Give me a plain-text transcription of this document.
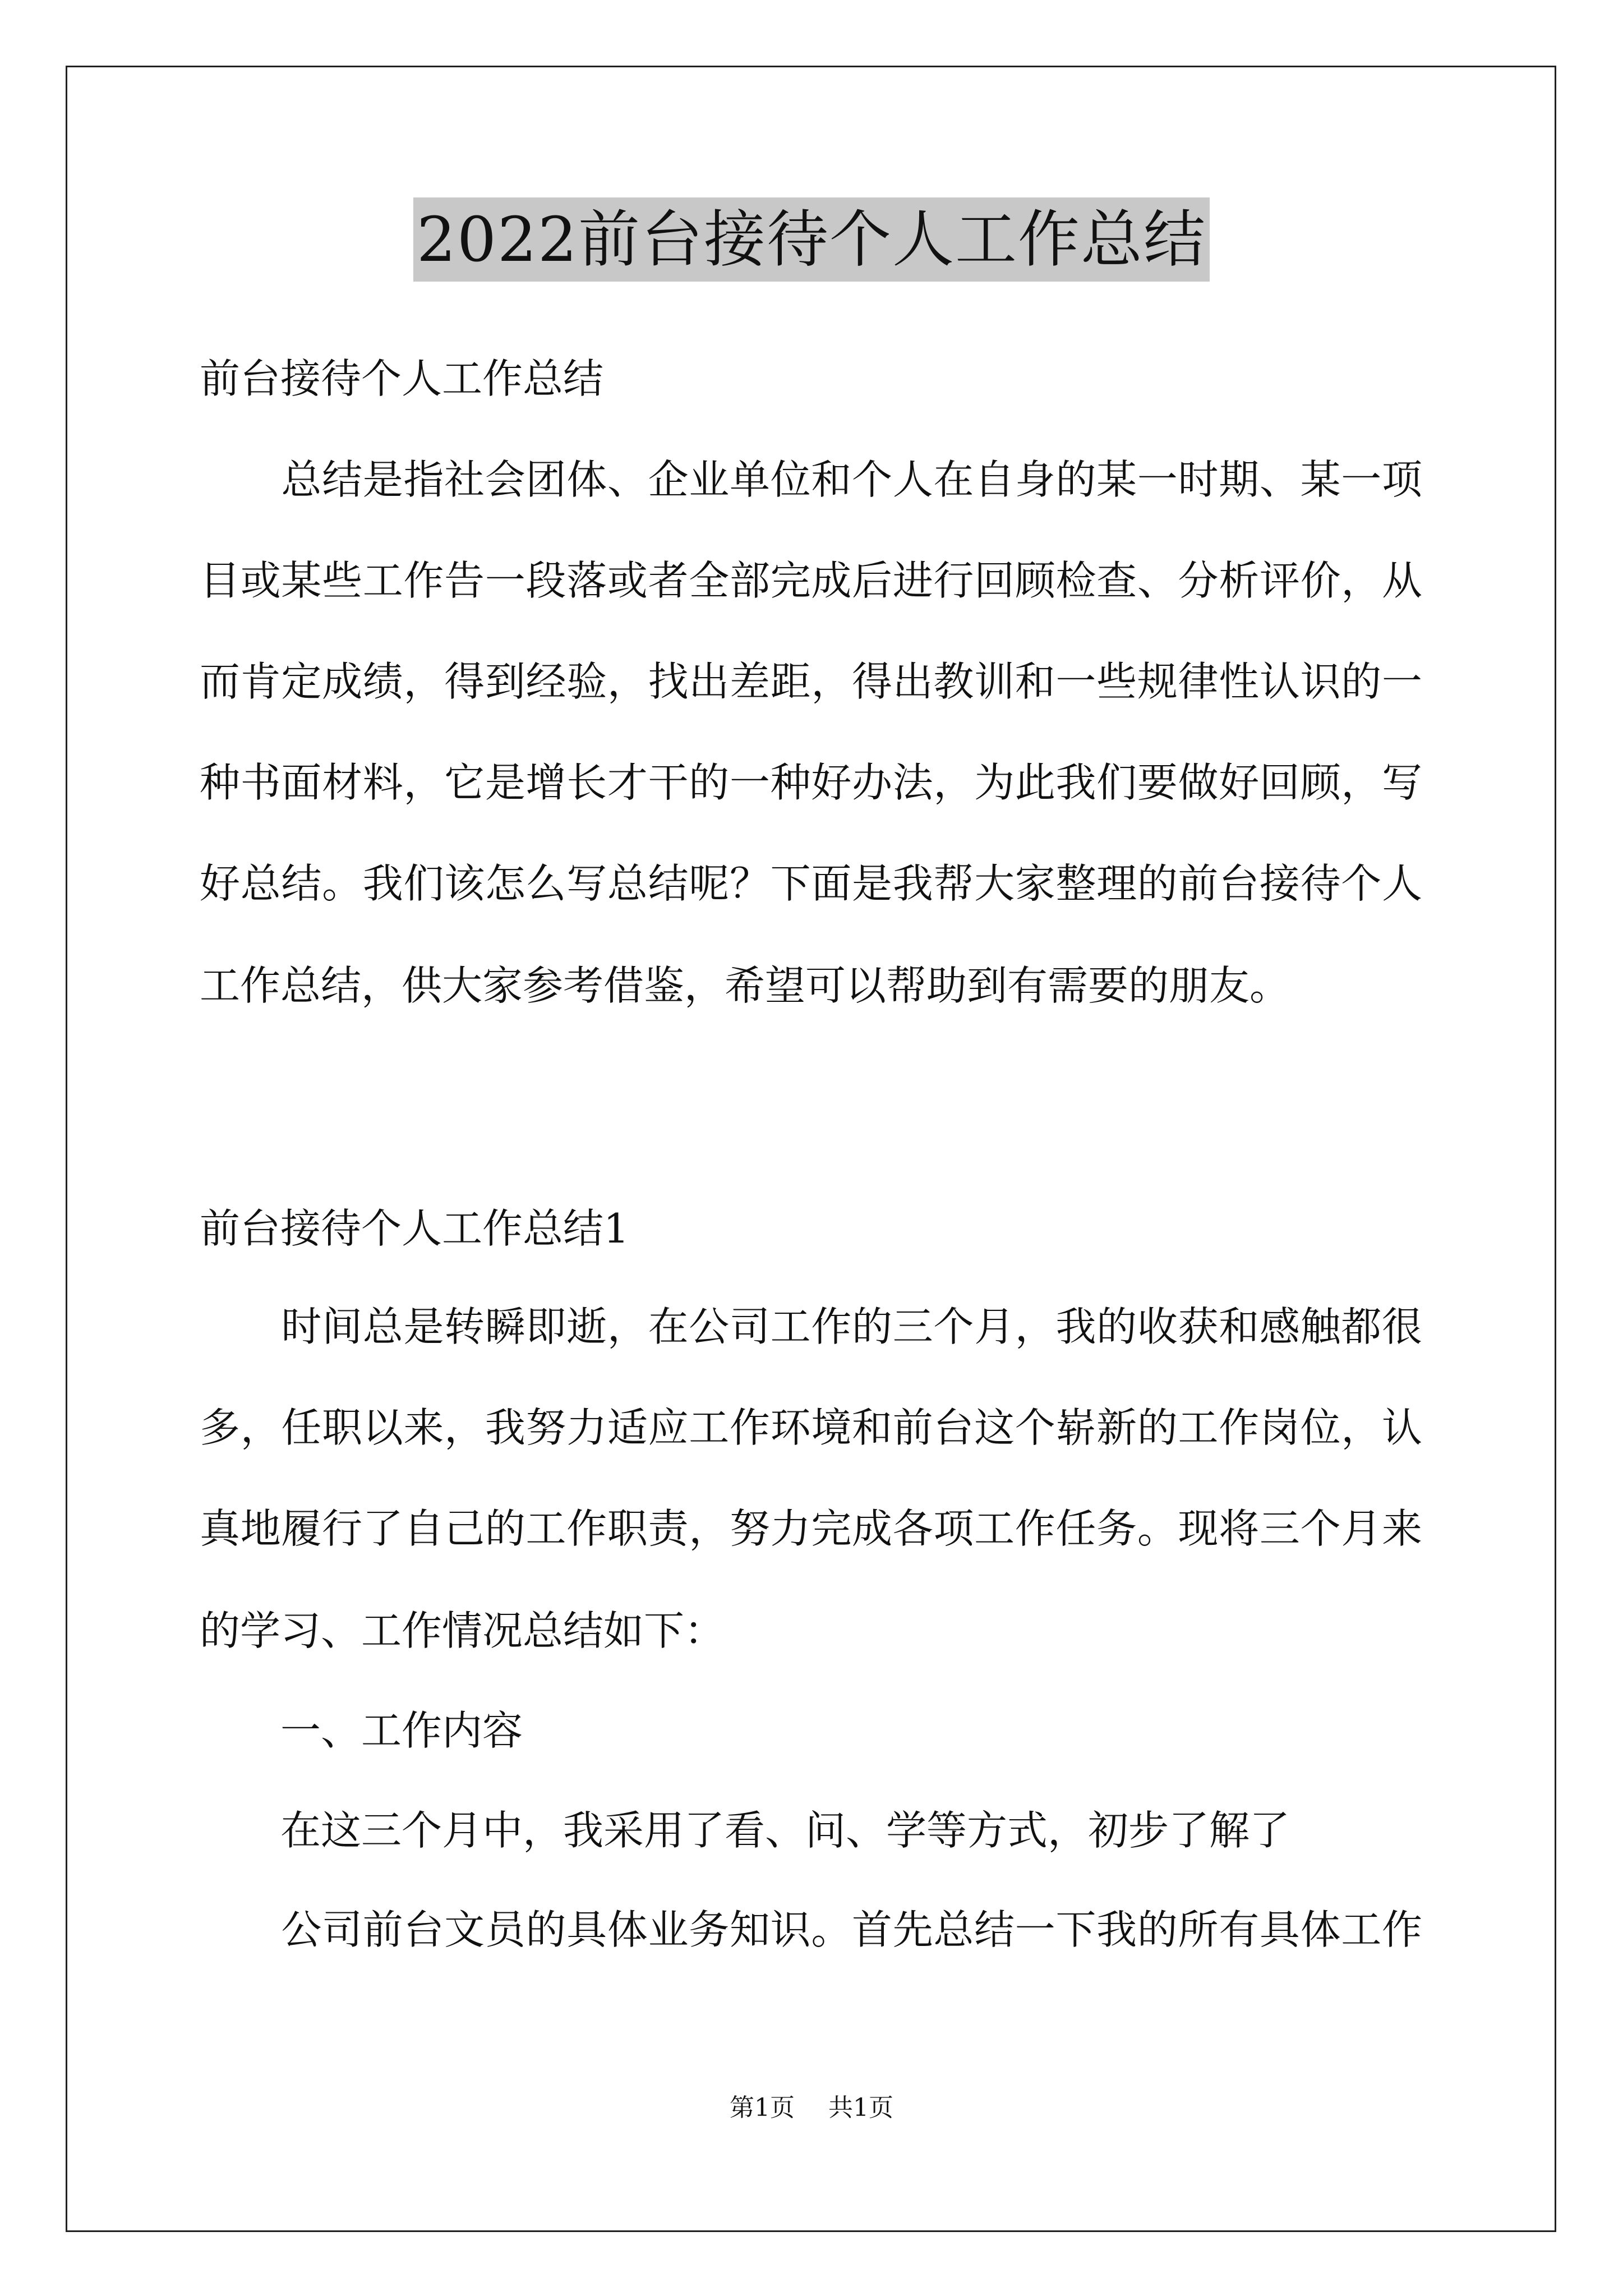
2022前台接待个人工作总结
前台接待个人工作总结
　　总结是指社会团体、企业单位和个人在自身的某一时期、某一项
目或某些工作告一段落或者全部完成后进行回顾检查、分析评价，从
而肯定成绩，得到经验，找出差距，得出教训和一些规律性认识的一
种书面材料，它是增长才干的一种好办法，为此我们要做好回顾，写
好总结。我们该怎么写总结呢？下面是我帮大家整理的前台接待个人
工作总结，供大家参考借鉴，希望可以帮助到有需要的朋友。
前台接待个人工作总结1
　　时间总是转瞬即逝，在公司工作的三个月，我的收获和感触都很
多，任职以来，我努力适应工作环境和前台这个崭新的工作岗位，认
真地履行了自己的工作职责，努力完成各项工作任务。现将三个月来
的学习、工作情况总结如下：
　　一、工作内容
　　在这三个月中，我采用了看、问、学等方式，初步了解了
　　公司前台文员的具体业务知识。首先总结一下我的所有具体工作
第1页 共1页
